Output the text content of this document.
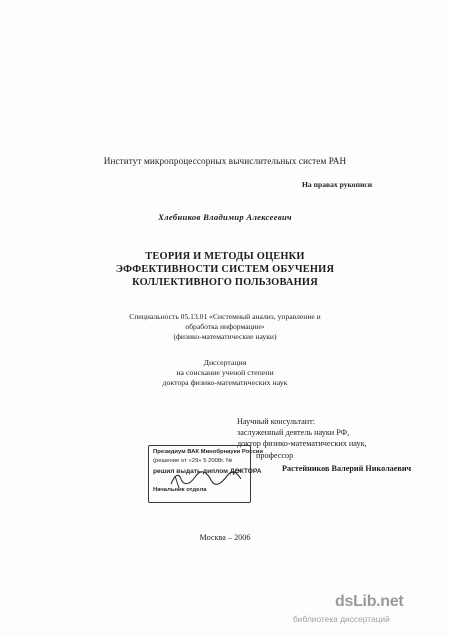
Институт микропроцессорных вычислительных систем РАН
На правах рукописи
Хлебников Владимир Алексеевич
ТЕОРИЯ И МЕТОДЫ ОЦЕНКИ
ЭФФЕКТИВНОСТИ СИСТЕМ ОБУЧЕНИЯ
КОЛЛЕКТИВНОГО ПОЛЬЗОВАНИЯ
Специальность 05.13.01 «Системный анализ, управление и
обработка информации»
(физико-математические науки)
Диссертация
на соискание ученой степени
доктора физико-математических наук
Научный консультант:
заслуженный деятель науки РФ,
доктор физико-математических наук,
профессор
Растейников Валерий Николаевич
Президиум ВАК Минобрнауки России
(решение от «29» 5 2008г. №
решил выдать диплом ДОКТОРА
Начальник отдела
Москва – 2006
dsLib.net
библиотека диссертаций
